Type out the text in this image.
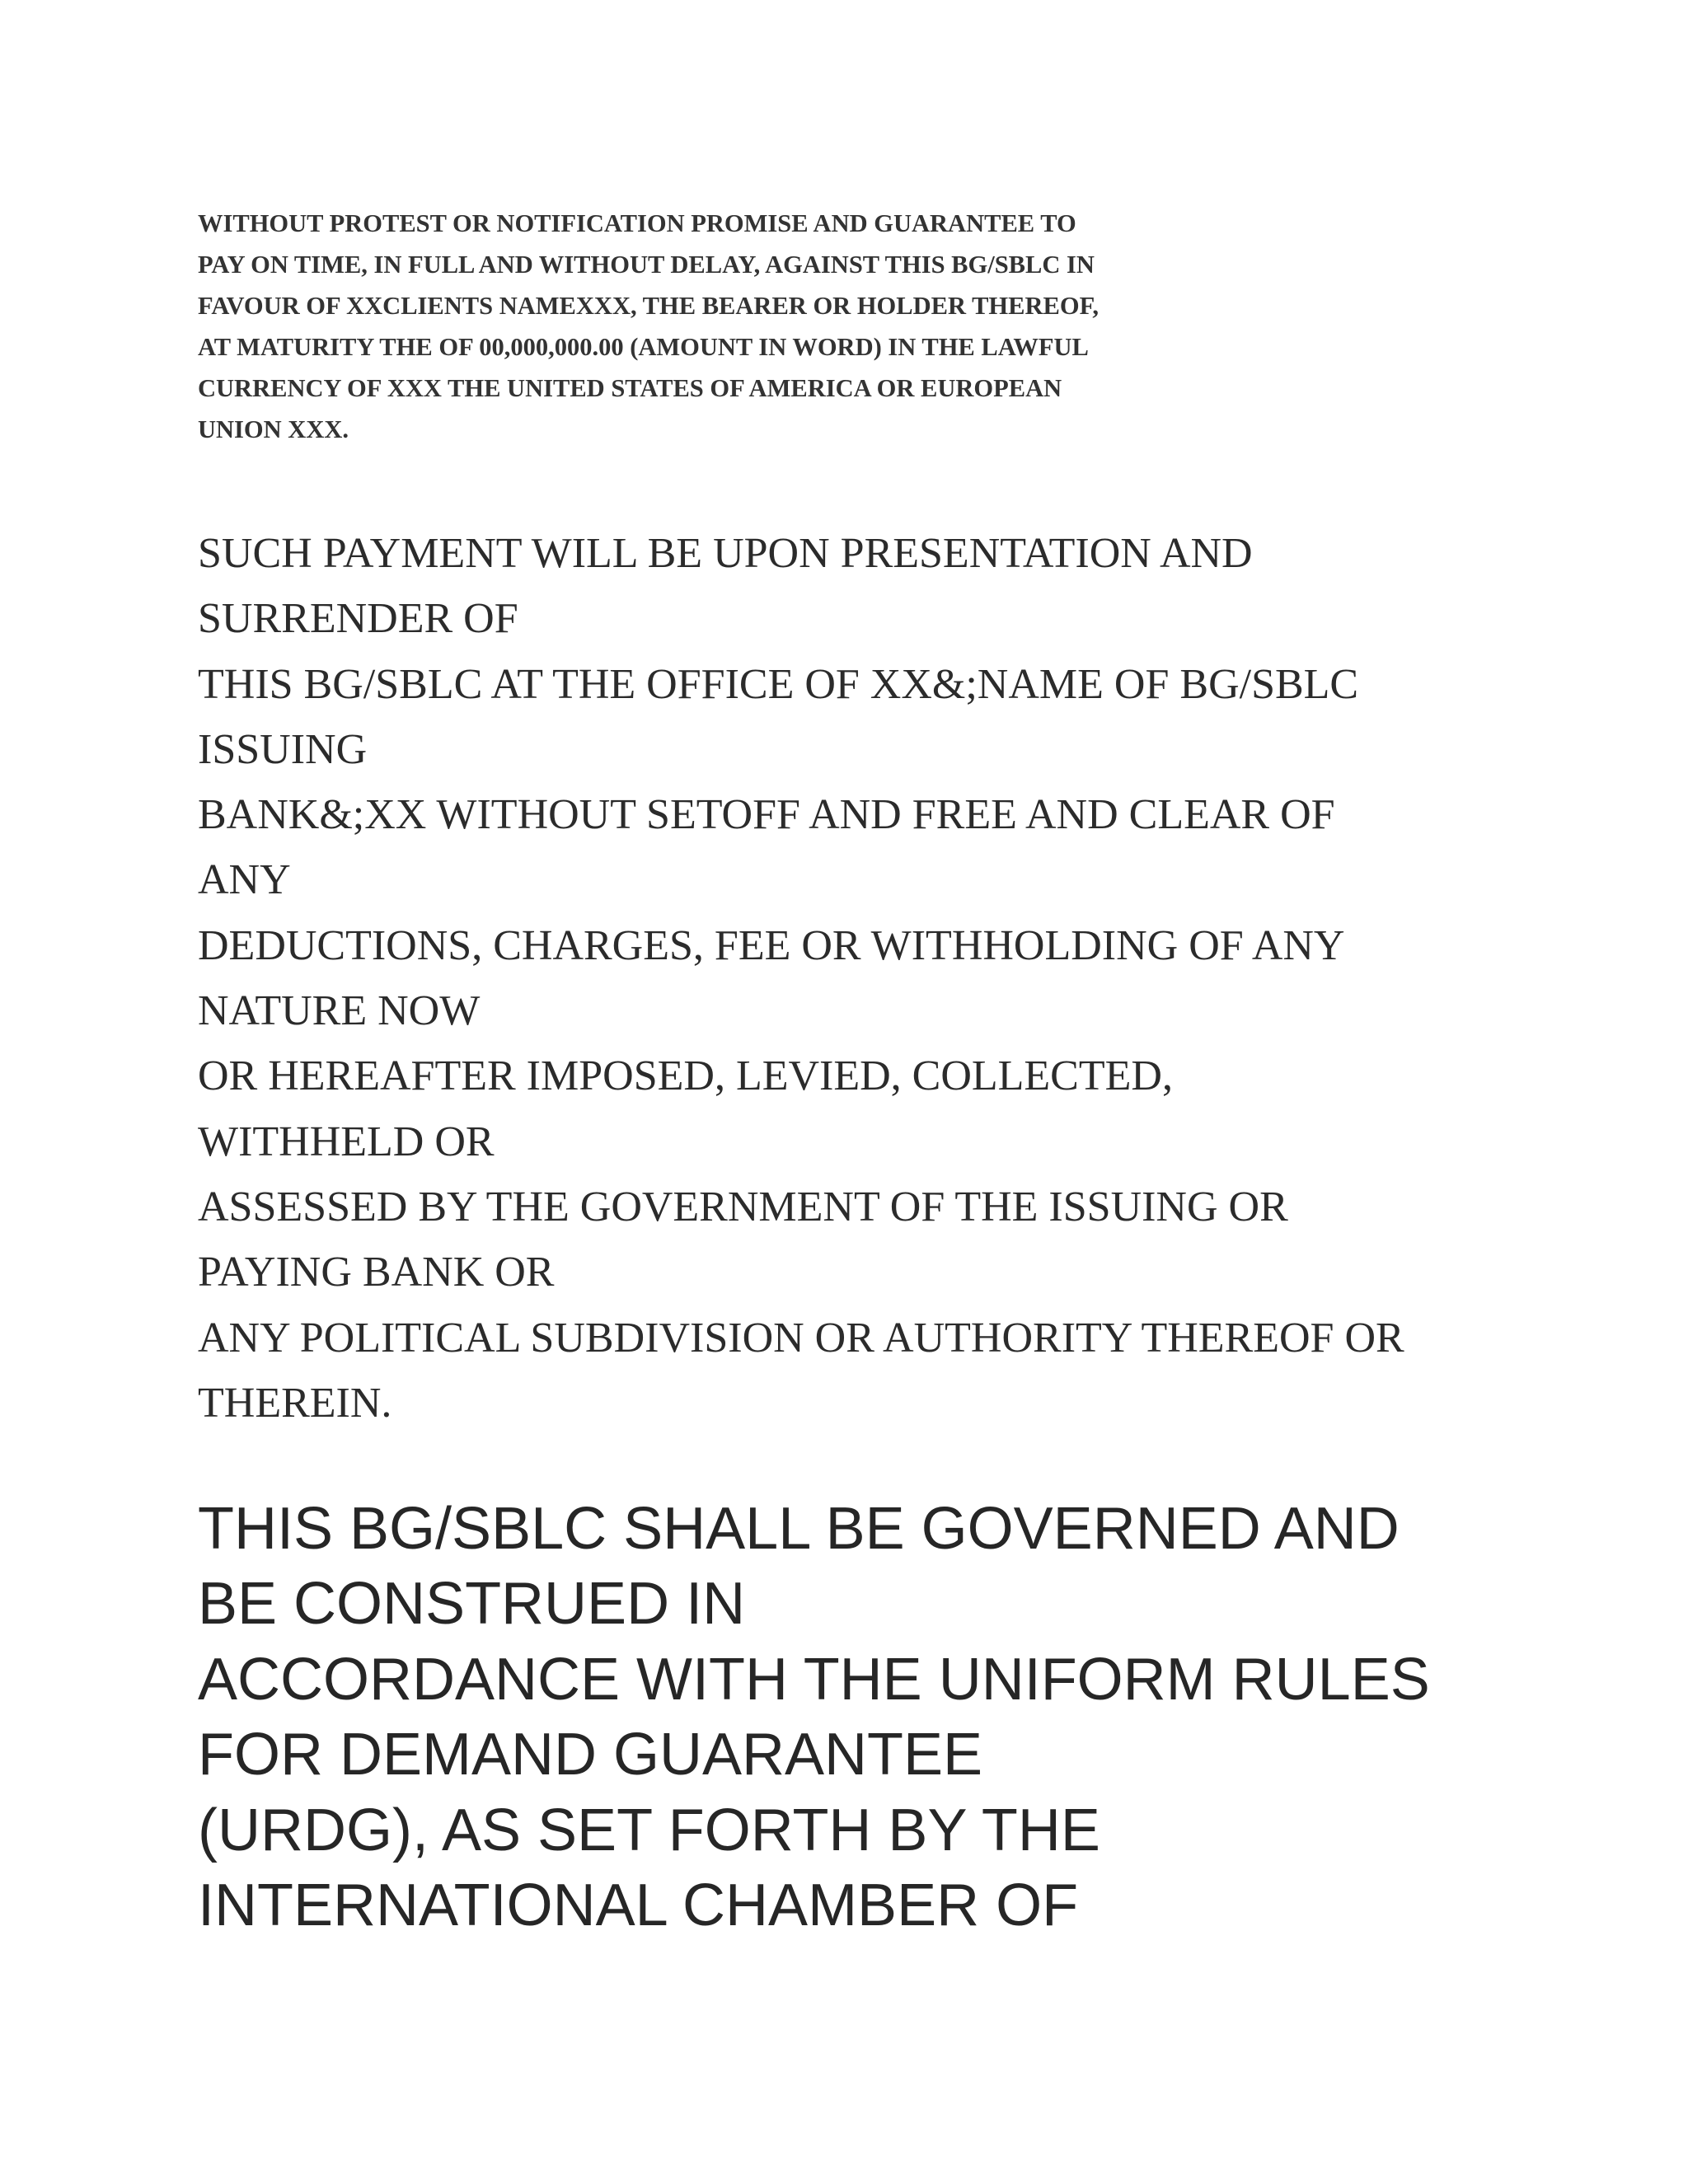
WITHOUT PROTEST OR NOTIFICATION PROMISE AND GUARANTEE TO
PAY ON TIME, IN FULL AND WITHOUT DELAY, AGAINST THIS BG/SBLC IN
FAVOUR OF XXCLIENTS NAMEXXX, THE BEARER OR HOLDER THEREOF,
AT MATURITY THE OF 00,000,000.00 (AMOUNT IN WORD) IN THE LAWFUL
CURRENCY OF XXX THE UNITED STATES OF AMERICA OR EUROPEAN
UNION XXX.
SUCH PAYMENT WILL BE UPON PRESENTATION AND
SURRENDER OF
THIS BG/SBLC AT THE OFFICE OF XX&;NAME OF BG/SBLC
ISSUING
BANK&;XX WITHOUT SETOFF AND FREE AND CLEAR OF
ANY
DEDUCTIONS, CHARGES, FEE OR WITHHOLDING OF ANY
NATURE NOW
OR HEREAFTER IMPOSED, LEVIED, COLLECTED,
WITHHELD OR
ASSESSED BY THE GOVERNMENT OF THE ISSUING OR
PAYING BANK OR
ANY POLITICAL SUBDIVISION OR AUTHORITY THEREOF OR
THEREIN.
THIS BG/SBLC SHALL BE GOVERNED AND
BE CONSTRUED IN
ACCORDANCE WITH THE UNIFORM RULES
FOR DEMAND GUARANTEE
(URDG), AS SET FORTH BY THE
INTERNATIONAL CHAMBER OF
